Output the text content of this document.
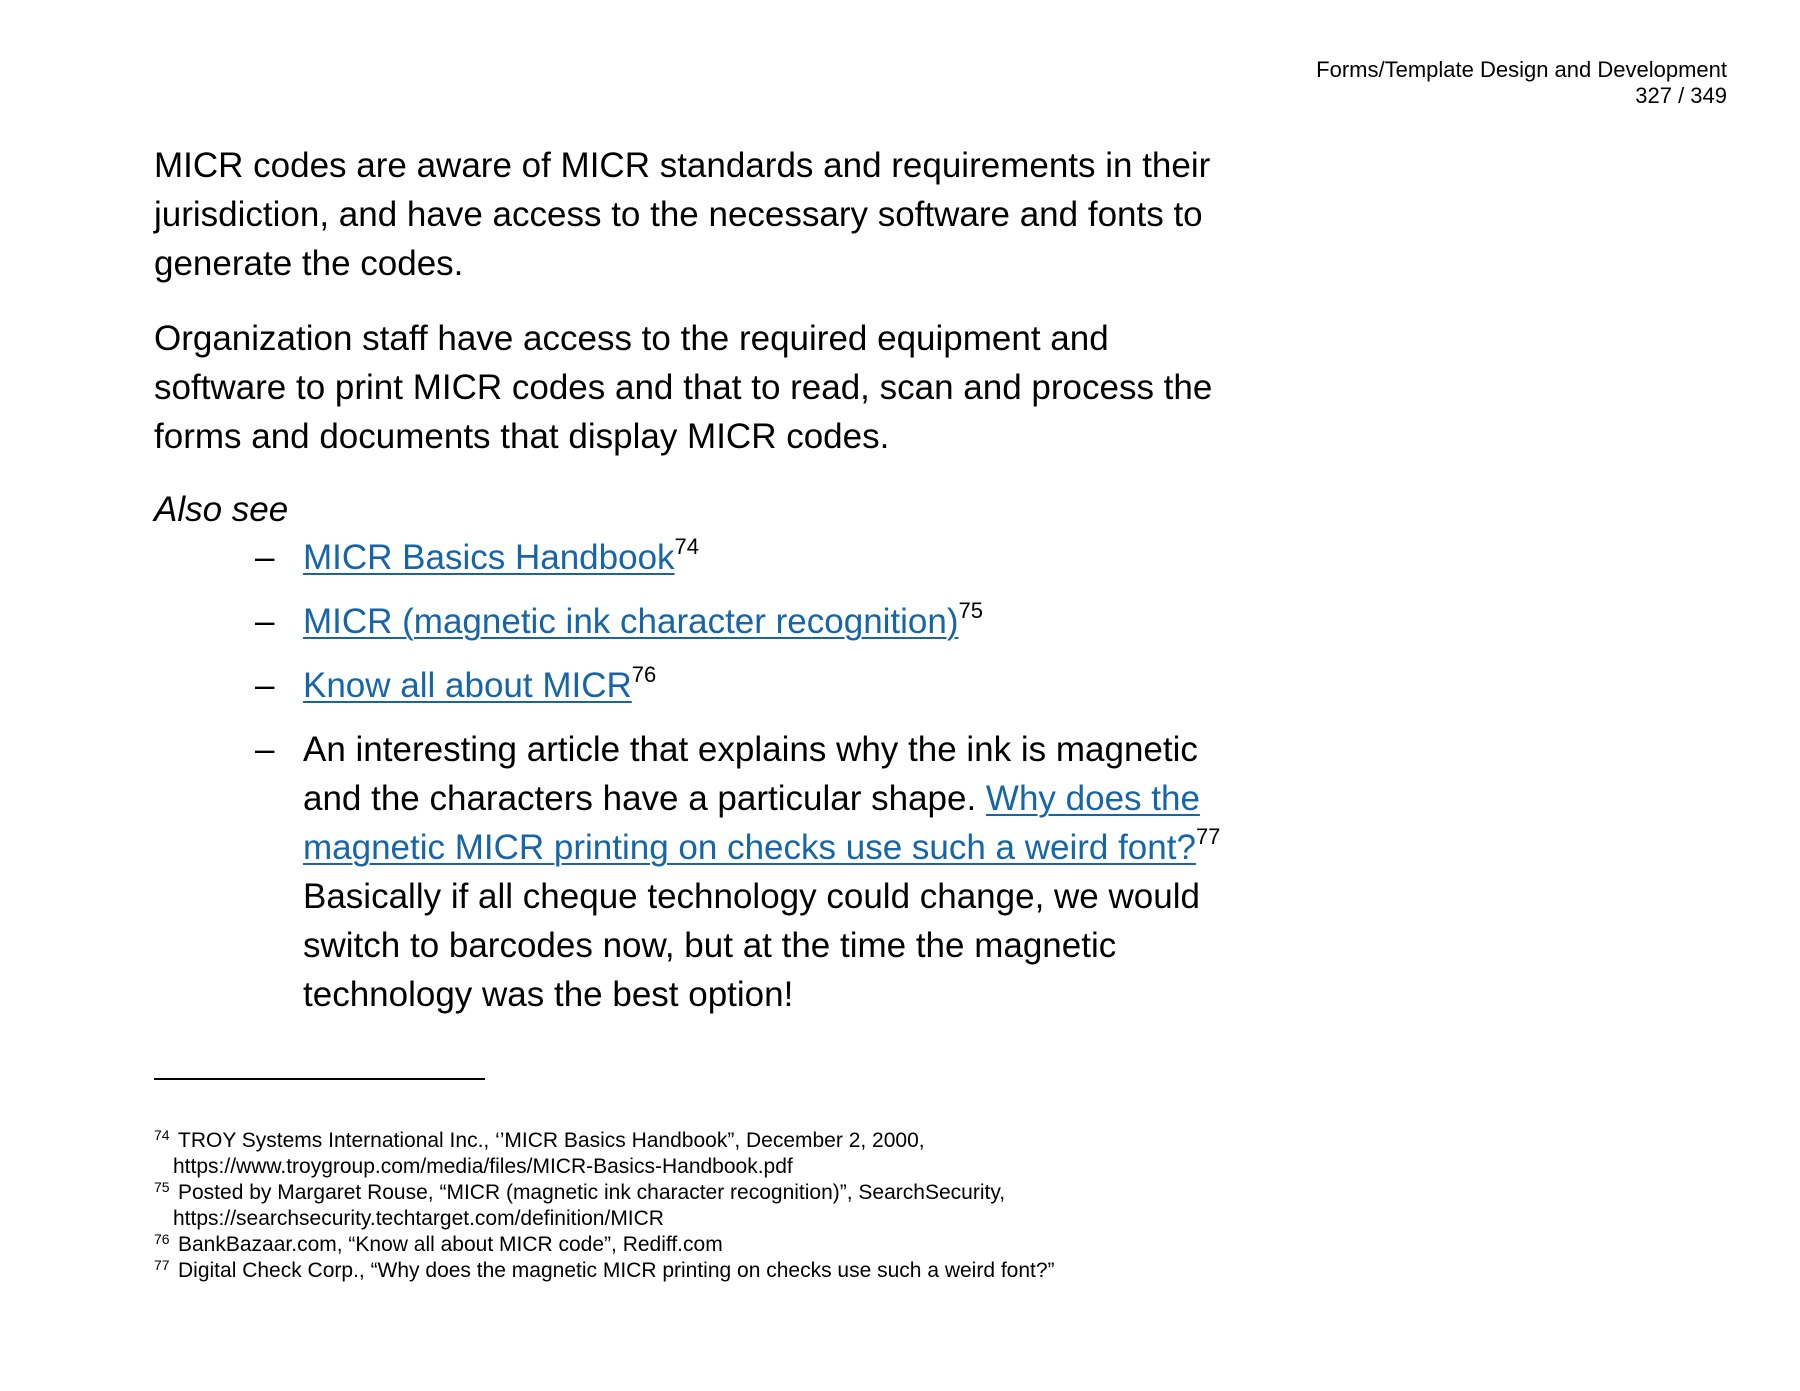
Forms/Template Design and Development
327 / 349

MICR codes are aware of MICR standards and requirements in their jurisdiction, and have access to the necessary software and fonts to generate the codes.

Organization staff have access to the required equipment and software to print MICR codes and that to read, scan and process the forms and documents that display MICR codes.

Also see

– MICR Basics Handbook$^{74}$
– MICR (magnetic ink character recognition)$^{75}$
– Know all about MICR$^{76}$
– An interesting article that explains why the ink is magnetic and the characters have a particular shape. Why does the magnetic MICR printing on checks use such a weird font?$^{77}$ Basically if all cheque technology could change, we would switch to barcodes now, but at the time the magnetic technology was the best option!
74 TROY Systems International Inc., ‘’MICR Basics Handbook”, December 2, 2000,
https://www.troygroup.com/media/files/MICR-Basics-Handbook.pdf
75 Posted by Margaret Rouse, “MICR (magnetic ink character recognition)”, SearchSecurity,
https://searchsecurity.techtarget.com/definition/MICR
76 BankBazaar.com, “Know all about MICR code”, Rediff.com
77 Digital Check Corp., “Why does the magnetic MICR printing on checks use such a weird font?”
